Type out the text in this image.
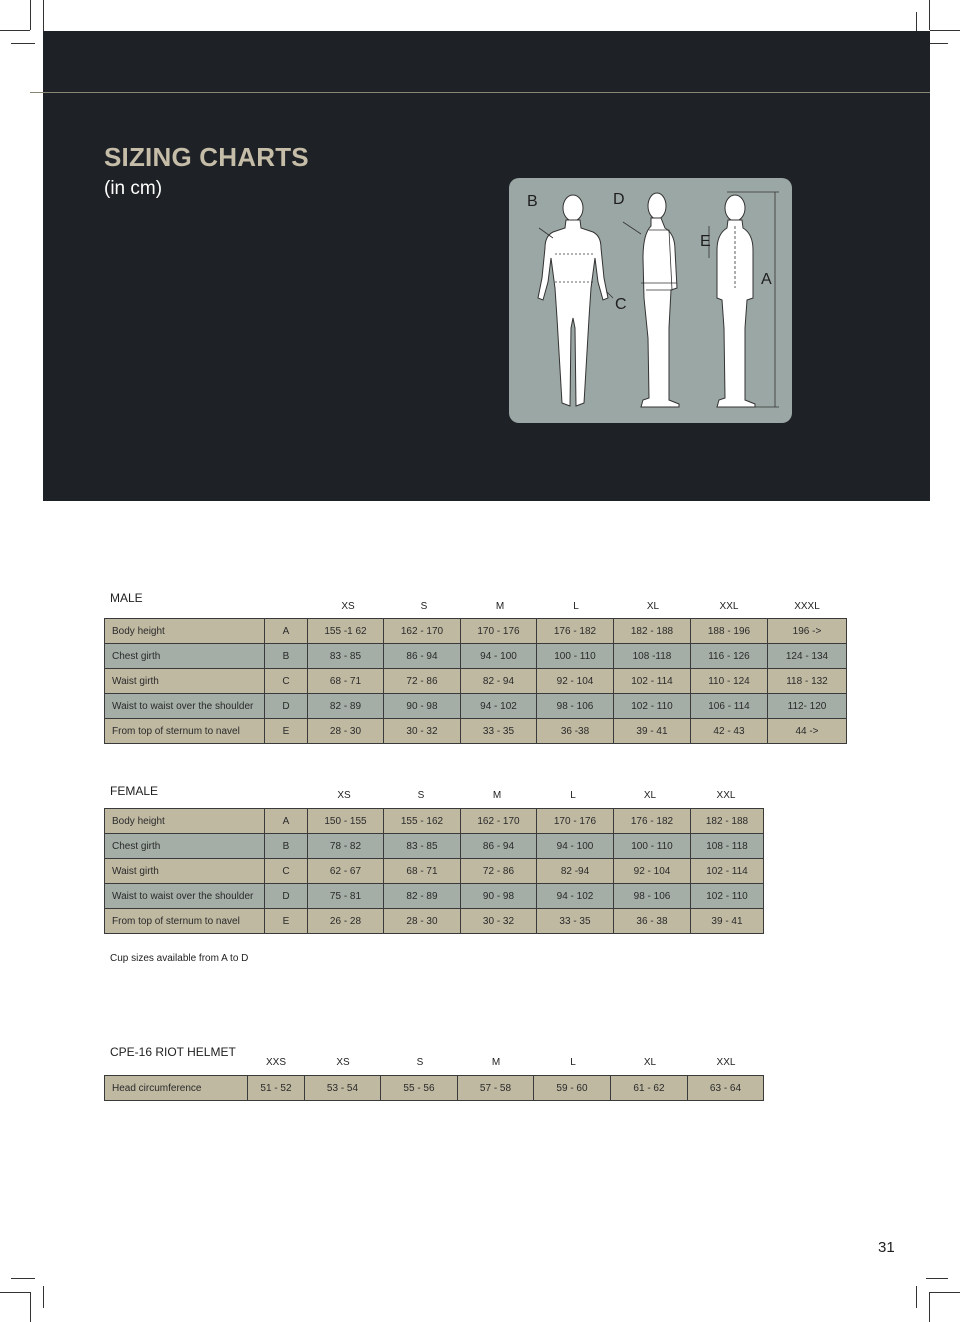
SIZING CHARTS
(in cm)
B	D
E
A
C
MALE
XS	S	M	L	XL	XXL	XXXL
Body height	A	155 -1 62	162 - 170	170 - 176	176 - 182	182 - 188	188 - 196	196 ->
Chest girth	B	83 - 85	86 - 94	94 - 100	100 - 110	108 -118	116 - 126	124 - 134
Waist girth	C	68 - 71	72 - 86	82 - 94	92 - 104	102 - 114	110 - 124	118 - 132
Waist to waist over the shoulder	D	82 - 89	90 - 98	94 - 102	98 - 106	102 - 110	106 - 114	112- 120
From top of sternum to navel	E	28 - 30	30 - 32	33 - 35	36 -38	39 - 41	42 - 43	44 ->
FEMALE	XS	S	M	L	XL	XXL
Body height	A	150 - 155	155 - 162	162 - 170	170 - 176	176 - 182	182 - 188
Chest girth	B	78 - 82	83 - 85	86 - 94	94 - 100	100 - 110	108 - 118
Waist girth	C	62 - 67	68 - 71	72 - 86	82 -94	92 - 104	102 - 114
Waist to waist over the shoulder	D	75 - 81	82 - 89	90 - 98	94 - 102	98 - 106	102 - 110
From top of sternum to navel	E	26 - 28	28 - 30	30 - 32	33 - 35	36 - 38	39 - 41
Cup sizes available from A to D
CPE-16 RIOT HELMET
XXS	XS	S	M	L	XL	XXL
Head circumference	51 - 52	53 - 54	55 - 56	57 - 58	59 - 60	61 - 62	63 - 64
31
